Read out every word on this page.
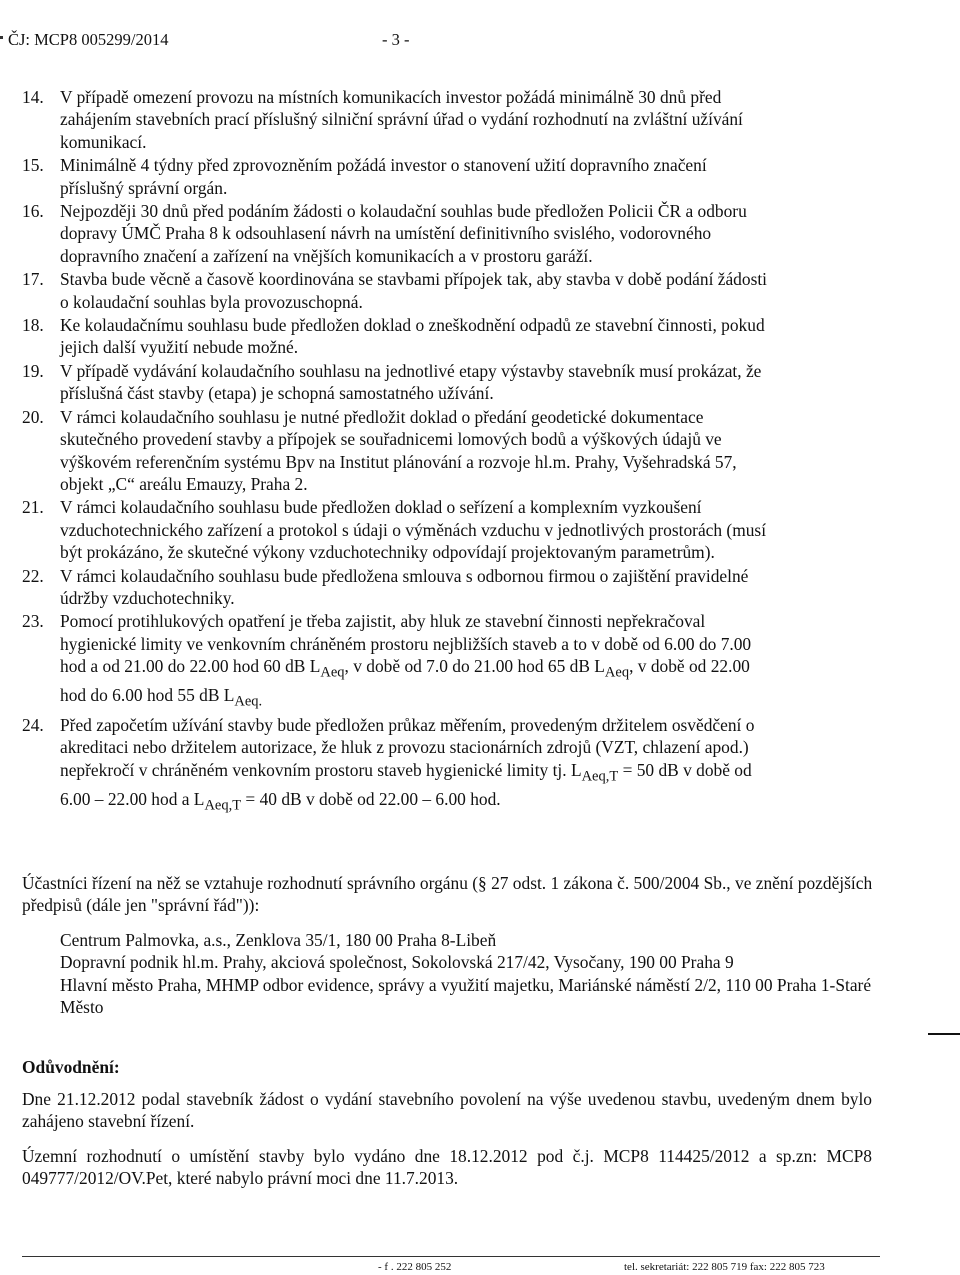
ČJ: MCP8 005299/2014	- 3 -
14. V případě omezení provozu na místních komunikacích investor požádá minimálně 30 dnů před
zahájením stavebních prací příslušný silniční správní úřad o vydání rozhodnutí na zvláštní užívání
komunikací.

15. Minimálně 4 týdny před zprovozněním požádá investor o stanovení užití dopravního značení
příslušný správní orgán.

16. Nejpozději 30 dnů před podáním žádosti o kolaudační souhlas bude předložen Policii ČR a odboru
dopravy ÚMČ Praha 8 k odsouhlasení návrh na umístění definitivního svislého, vodorovného
dopravního značení a zařízení na vnějších komunikacích a v prostoru garáží.

17. Stavba bude věcně a časově koordinována se stavbami přípojek tak, aby stavba v době podání žádosti
o kolaudační souhlas byla provozuschopná.

18. Ke kolaudačnímu souhlasu bude předložen doklad o zneškodnění odpadů ze stavební činnosti, pokud
jejich další využití nebude možné.

19. V případě vydávání kolaudačního souhlasu na jednotlivé etapy výstavby stavebník musí prokázat, že
příslušná část stavby (etapa) je schopná samostatného užívání.

20. V rámci kolaudačního souhlasu je nutné předložit doklad o předání geodetické dokumentace
skutečného provedení stavby a přípojek se souřadnicemi lomových bodů a výškových údajů ve
výškovém referenčním systému Bpv na Institut plánování a rozvoje hl.m. Prahy, Vyšehradská 57,
objekt „C“ areálu Emauzy, Praha 2.

21. V rámci kolaudačního souhlasu bude předložen doklad o seřízení a komplexním vyzkoušení
vzduchotechnického zařízení a protokol s údaji o výměnách vzduchu v jednotlivých prostorách (musí
být prokázáno, že skutečné výkony vzduchotechniky odpovídají projektovaným parametrům).

22. V rámci kolaudačního souhlasu bude předložena smlouva s odbornou firmou o zajištění pravidelné
údržby vzduchotechniky.

23. Pomocí protihlukových opatření je třeba zajistit, aby hluk ze stavební činnosti nepřekračoval
hygienické limity ve venkovním chráněném prostoru nejbližších staveb a to v době od 6.00 do 7.00
hod a od 21.00 do 22.00 hod 60 dB $L_{Aeq}$, v době od 7.0 do 21.00 hod 65 dB $L_{Aeq}$, v době od 22.00
hod do 6.00 hod 55 dB $L_{Aeq.}$

24. Před započetím užívání stavby bude předložen průkaz měřením, provedeným držitelem osvědčení o
akreditaci nebo držitelem autorizace, že hluk z provozu stacionárních zdrojů (VZT, chlazení apod.)
nepřekročí v chráněném venkovním prostoru staveb hygienické limity tj. $L_{Aeq,T} = 50$ dB v době od
6.00 – 22.00 hod a $L_{Aeq,T} = 40$ dB v době od 22.00 – 6.00 hod.

Účastníci řízení na něž se vztahuje rozhodnutí správního orgánu (§ 27 odst. 1 zákona č. 500/2004 Sb., ve znění pozdějších předpisů (dále jen "správní řád")):

Centrum Palmovka, a.s., Zenklova 35/1, 180 00 Praha 8-Libeň
Dopravní podnik hl.m. Prahy, akciová společnost, Sokolovská 217/42, Vysočany, 190 00 Praha 9
Hlavní město Praha, MHMP odbor evidence, správy a využití majetku, Mariánské náměstí 2/2, 110 00 Praha 1-Staré Město
Odůvodnění:

Dne 21.12.2012 podal stavebník žádost o vydání stavebního povolení na výše uvedenou stavbu, uvedeným dnem bylo zahájeno stavební řízení.

Územní rozhodnutí o umístění stavby bylo vydáno dne 18.12.2012 pod č.j. MCP8 114425/2012 a sp.zn: MCP8 049777/2012/OV.Pet, které nabylo právní moci dne 11.7.2013.

- f . 222 805 252	tel. sekretariát: 222 805 719 fax: 222 805 723
